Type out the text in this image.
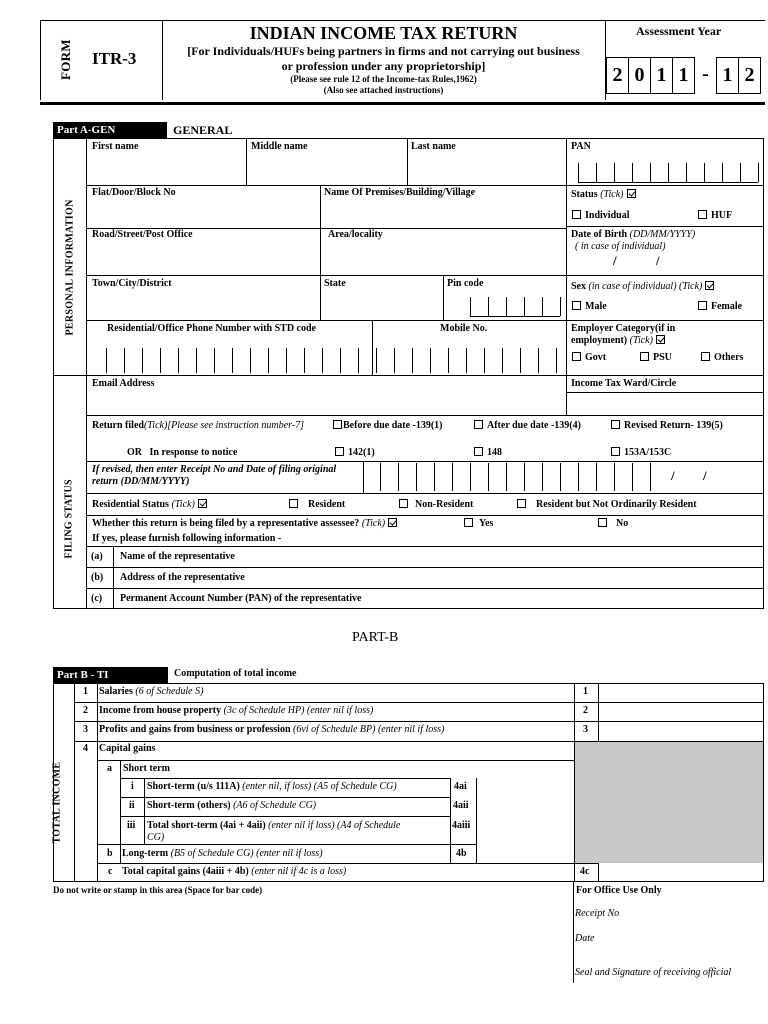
FORM ITR-3
INDIAN INCOME TAX RETURN
[For Individuals/HUFs being partners in firms and not carrying out business
or profession under any proprietorship]
(Please see rule 12 of the Income-tax Rules,1962)
(Also see attached instructions)
Assessment Year
2 0 1 1 - 1 2
Part A-GEN	GENERAL
PERSONAL INFORMATION
FILING STATUS
First name	Middle name	Last name	PAN
Flat/Door/Block No	Name Of Premises/Building/Village	Status (Tick)
Individual	HUF
Road/Street/Post Office	Area/locality	Date of Birth (DD/MM/YYYY)
( in case of individual)
/	/
Town/City/District	State	Pin code	Sex (in case of individual) (Tick)
Male	Female
Residential/Office Phone Number with STD code	Mobile No.	Employer Category(if in
employment) (Tick)
Govt	PSU	Others
Email Address	Income Tax Ward/Circle
Return filed(Tick)[Please see instruction number-7]	Before due date -139(1)	After due date -139(4)	Revised Return- 139(5)
OR   In response to notice	142(1)	148	153A/153C
If revised, then enter Receipt No and Date of filing original
return (DD/MM/YYYY)	/ /
Residential Status (Tick)	Resident	Non-Resident	Resident but Not Ordinarily Resident
Whether this return is being filed by a representative assessee? (Tick)	Yes	No
If yes, please furnish following information -
(a) Name of the representative
(b) Address of the representative
(c) Permanent Account Number (PAN) of the representative
PART-B
Part B - TI	Computation of total income
TOTAL INCOME
1 Salaries (6 of Schedule S)	1
2 Income from house property (3c of Schedule HP) (enter nil if loss)	2
3 Profits and gains from business or profession (6vi of Schedule BP) (enter nil if loss)	3
4 Capital gains
a Short term
i Short-term (u/s 111A) (enter nil, if loss) (A5 of Schedule CG)	4ai
ii Short-term (others) (A6 of Schedule CG)	4aii
iii Total short-term (4ai + 4aii) (enter nil if loss) (A4 of Schedule
CG)
4aiii
b Long-term (B5 of Schedule CG) (enter nil if loss)	4b
c Total capital gains (4aiii + 4b) (enter nil if 4c is a loss)	4c
Do not write or stamp in this area (Space for bar code)	For Office Use Only
Receipt No
Date
Seal and Signature of receiving official
